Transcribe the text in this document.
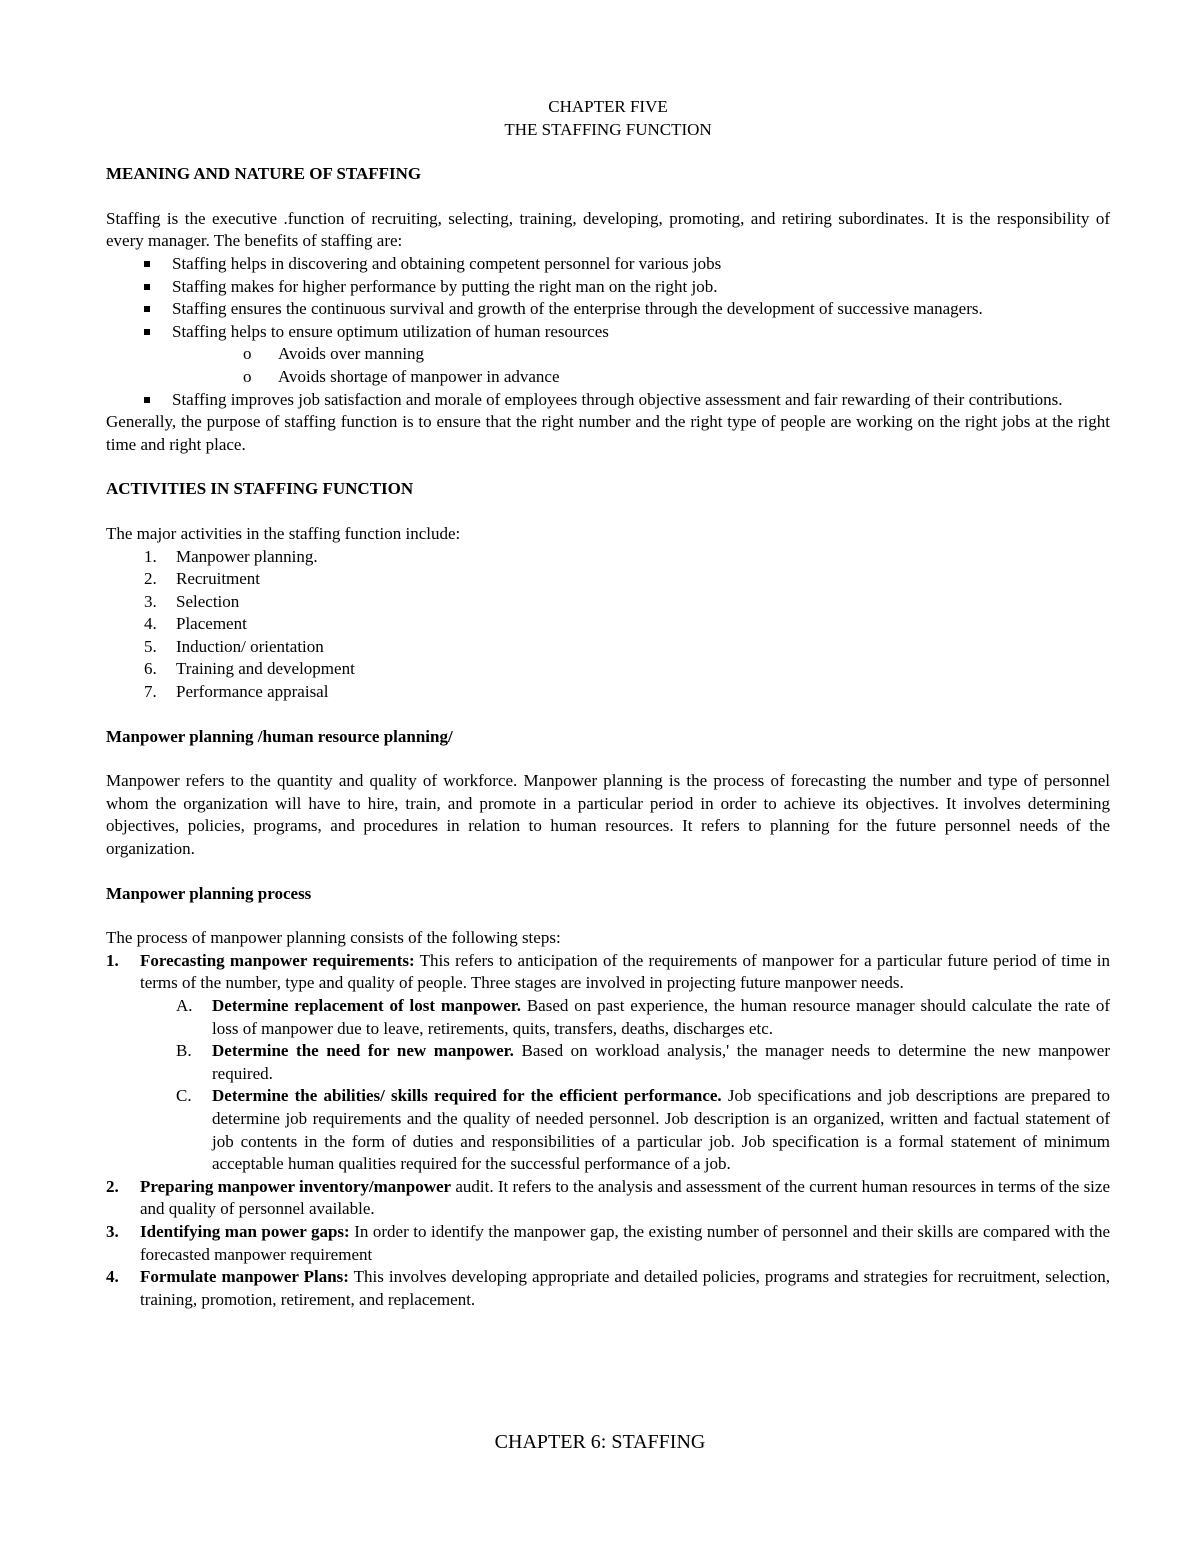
CHAPTER FIVE

THE STAFFING FUNCTION

MEANING AND NATURE OF STAFFING

Staffing is the executive .function of recruiting, selecting, training, developing, promoting, and retiring subordinates. It is the responsibility of every manager. The benefits of staffing are:

Staffing helps in discovering and obtaining competent personnel for various jobs
Staffing makes for higher performance by putting the right man on the right job.
Staffing ensures the continuous survival and growth of the enterprise through the development of successive managers.
Staffing helps to ensure optimum utilization of human resources
o Avoids over manning
o Avoids shortage of manpower in advance
Staffing improves job satisfaction and morale of employees through objective assessment and fair rewarding of their contributions.

Generally, the purpose of staffing function is to ensure that the right number and the right type of people are working on the right jobs at the right time and right place.

ACTIVITIES IN STAFFING FUNCTION

The major activities in the staffing function include:

1. Manpower planning.
2. Recruitment
3. Selection
4. Placement
5. Induction/ orientation
6. Training and development
7. Performance appraisal

Manpower planning /human resource planning/

Manpower refers to the quantity and quality of workforce. Manpower planning is the process of forecasting the number and type of personnel whom the organization will have to hire, train, and promote in a particular period in order to achieve its objectives. It involves determining objectives, policies, programs, and procedures in relation to human resources. It refers to planning for the future personnel needs of the organization.

Manpower planning process

The process of manpower planning consists of the following steps:

1. Forecasting manpower requirements: This refers to anticipation of the requirements of manpower for a particular future period of time in terms of the number, type and quality of people. Three stages are involved in projecting future manpower needs.
A. Determine replacement of lost manpower. Based on past experience, the human resource manager should calculate the rate of loss of manpower due to leave, retirements, quits, transfers, deaths, discharges etc.
B. Determine the need for new manpower. Based on workload analysis,' the manager needs to determine the new manpower required.
C. Determine the abilities/ skills required for the efficient performance. Job specifications and job descriptions are prepared to determine job requirements and the quality of needed personnel. Job description is an organized, written and factual statement of job contents in the form of duties and responsibilities of a particular job. Job specification is a formal statement of minimum acceptable human qualities required for the successful performance of a job.
2. Preparing manpower inventory/manpower audit. It refers to the analysis and assessment of the current human resources in terms of the size and quality of personnel available.
3. Identifying man power gaps: In order to identify the manpower gap, the existing number of personnel and their skills are compared with the forecasted manpower requirement
4. Formulate manpower Plans: This involves developing appropriate and detailed policies, programs and strategies for recruitment, selection, training, promotion, retirement, and replacement.
CHAPTER 6: STAFFING
